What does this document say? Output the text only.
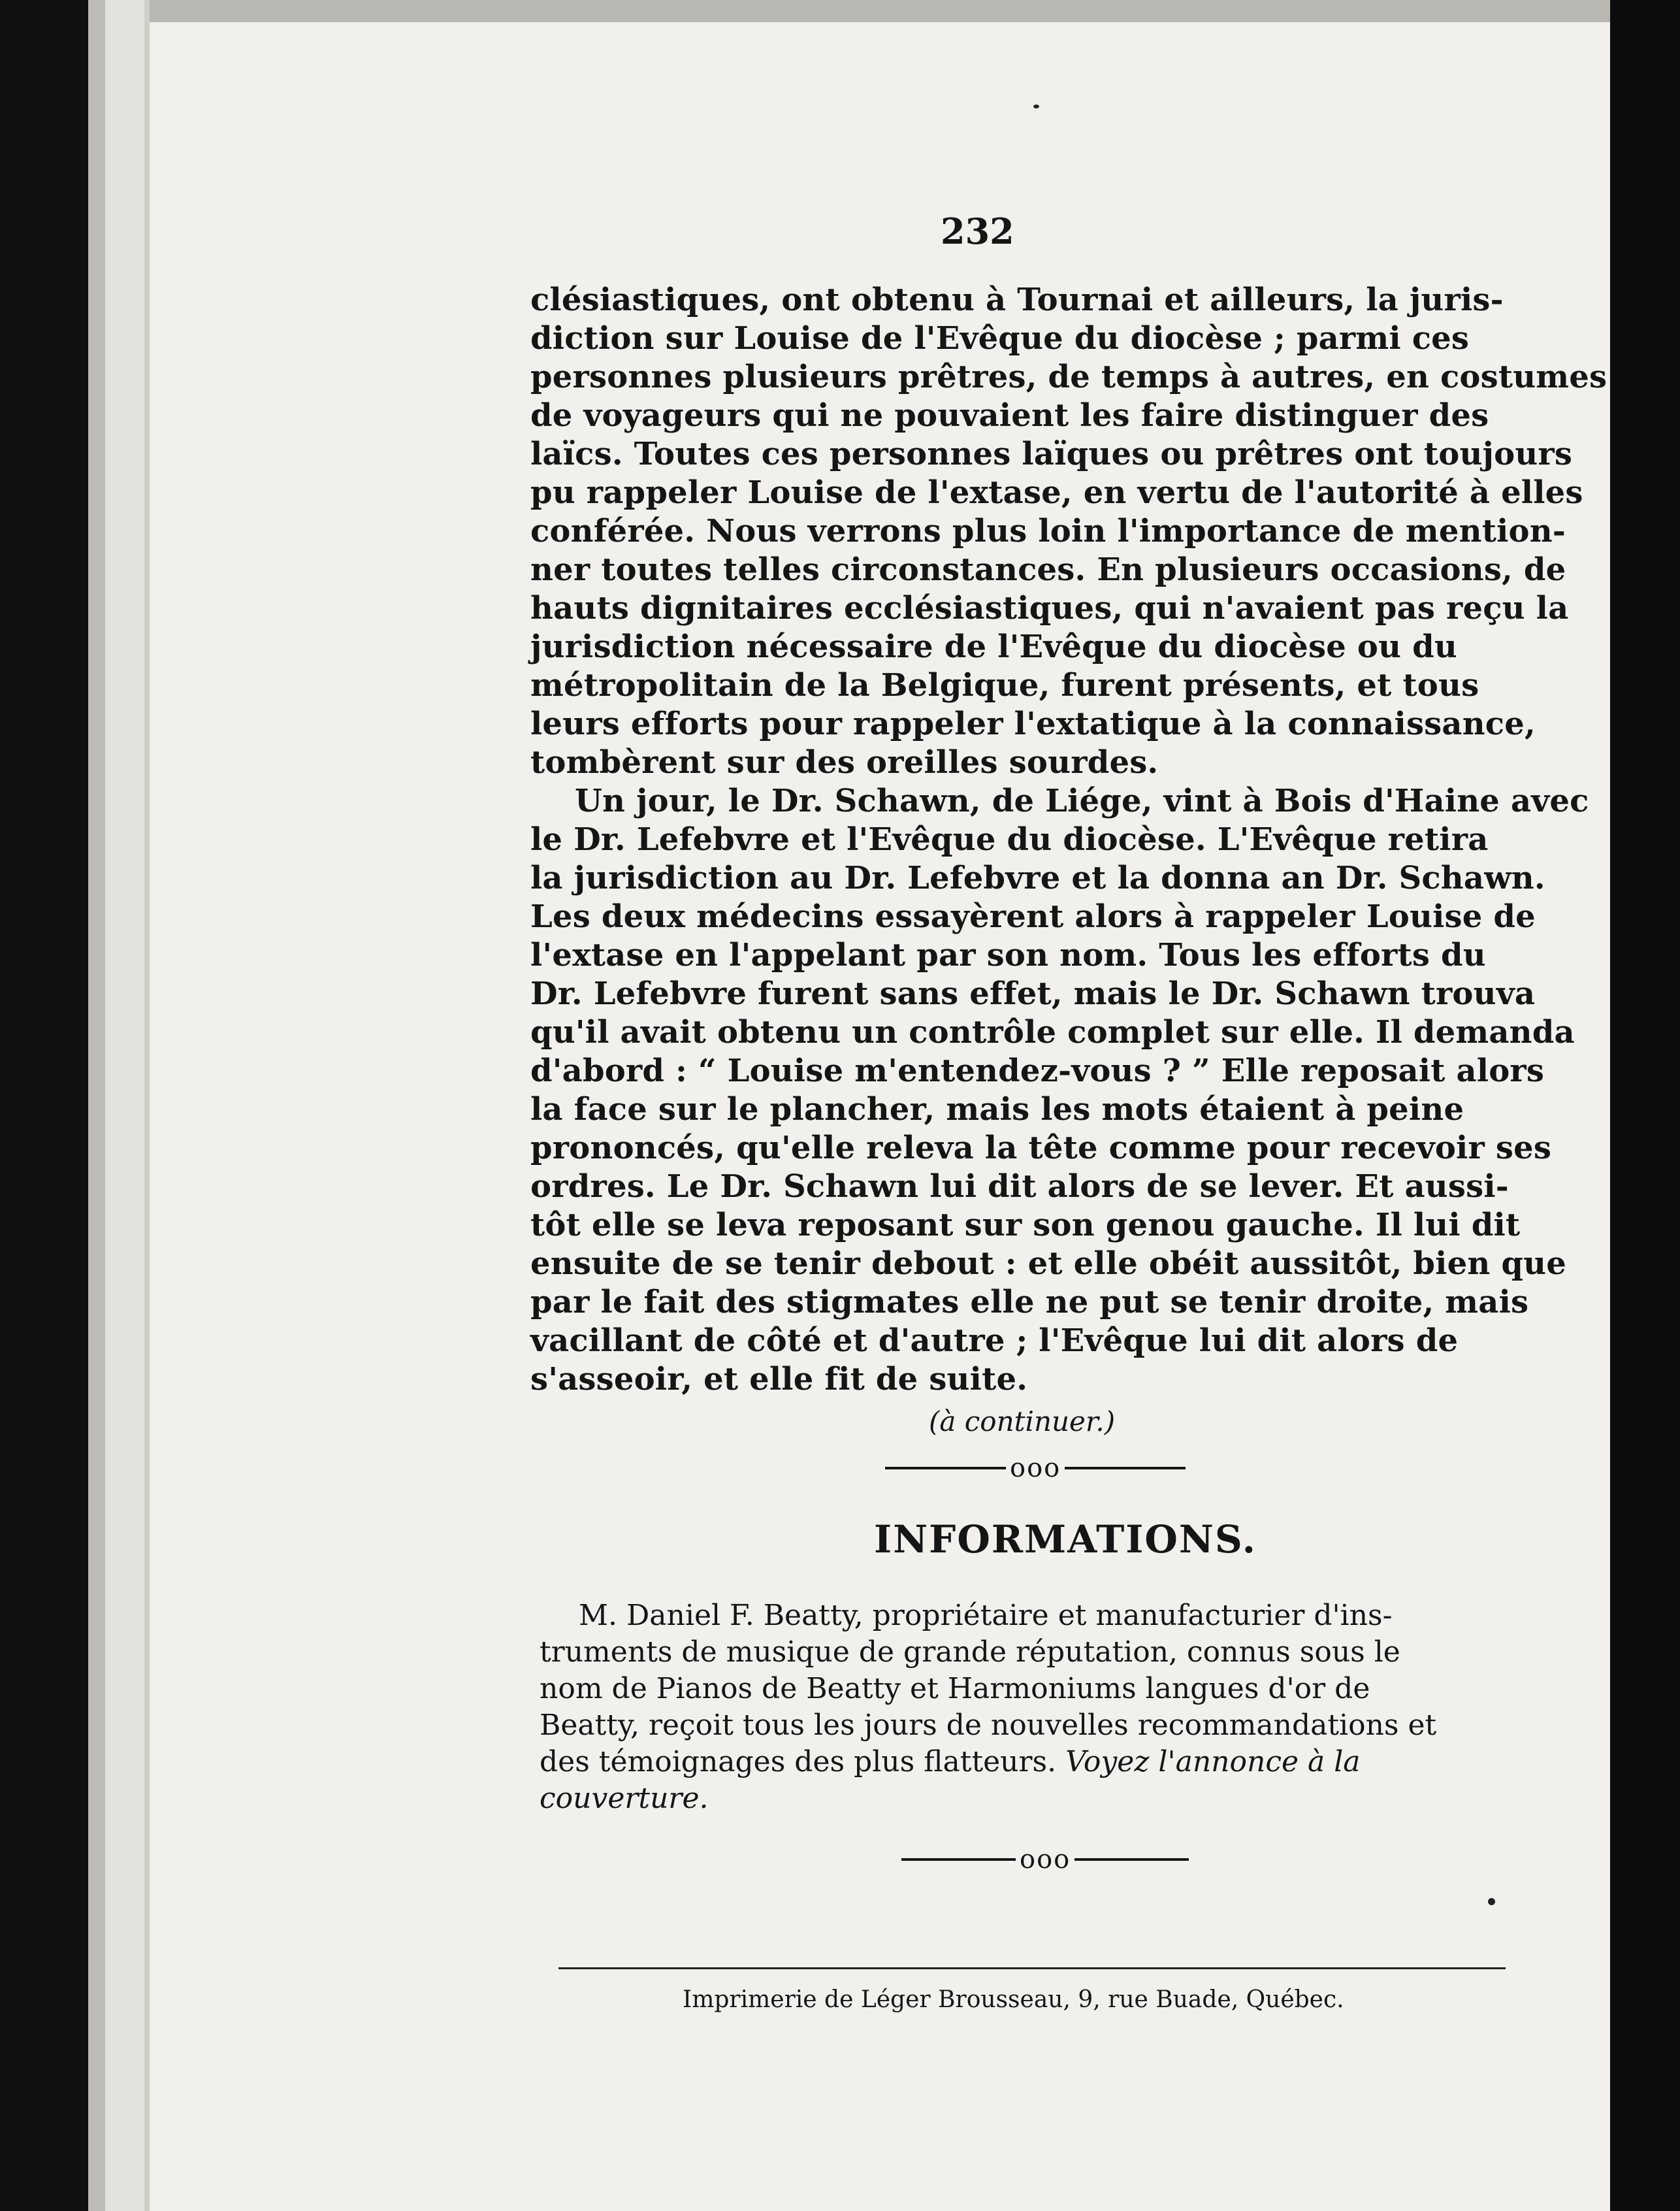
232
clésiastiques, ont obtenu à Tournai et ailleurs, la juris-
diction sur Louise de l'Evêque du diocèse ; parmi ces
personnes plusieurs prêtres, de temps à autres, en costumes
de voyageurs qui ne pouvaient les faire distinguer des
laïcs. Toutes ces personnes laïques ou prêtres ont toujours
pu rappeler Louise de l'extase, en vertu de l'autorité à elles
conférée. Nous verrons plus loin l'importance de mention-
ner toutes telles circonstances. En plusieurs occasions, de
hauts dignitaires ecclésiastiques, qui n'avaient pas reçu la
jurisdiction nécessaire de l'Evêque du diocèse ou du
métropolitain de la Belgique, furent présents, et tous
leurs efforts pour rappeler l'extatique à la connaissance,
tombèrent sur des oreilles sourdes.
Un jour, le Dr. Schawn, de Liége, vint à Bois d'Haine avec
le Dr. Lefebvre et l'Evêque du diocèse. L'Evêque retira
la jurisdiction au Dr. Lefebvre et la donna an Dr. Schawn.
Les deux médecins essayèrent alors à rappeler Louise de
l'extase en l'appelant par son nom. Tous les efforts du
Dr. Lefebvre furent sans effet, mais le Dr. Schawn trouva
qu'il avait obtenu un contrôle complet sur elle. Il demanda
d'abord : “ Louise m'entendez-vous ? ” Elle reposait alors
la face sur le plancher, mais les mots étaient à peine
prononcés, qu'elle releva la tête comme pour recevoir ses
ordres. Le Dr. Schawn lui dit alors de se lever. Et aussi-
tôt elle se leva reposant sur son genou gauche. Il lui dit
ensuite de se tenir debout : et elle obéit aussitôt, bien que
par le fait des stigmates elle ne put se tenir droite, mais
vacillant de côté et d'autre ; l'Evêque lui dit alors de
s'asseoir, et elle fit de suite.
(à continuer.)
ooo
INFORMATIONS.
M. Daniel F. Beatty, propriétaire et manufacturier d'ins-
truments de musique de grande réputation, connus sous le
nom de Pianos de Beatty et Harmoniums langues d'or de
Beatty, reçoit tous les jours de nouvelles recommandations et
des témoignages des plus flatteurs. Voyez l'annonce à la
couverture.
ooo
Imprimerie de Léger Brousseau, 9, rue Buade, Québec.
